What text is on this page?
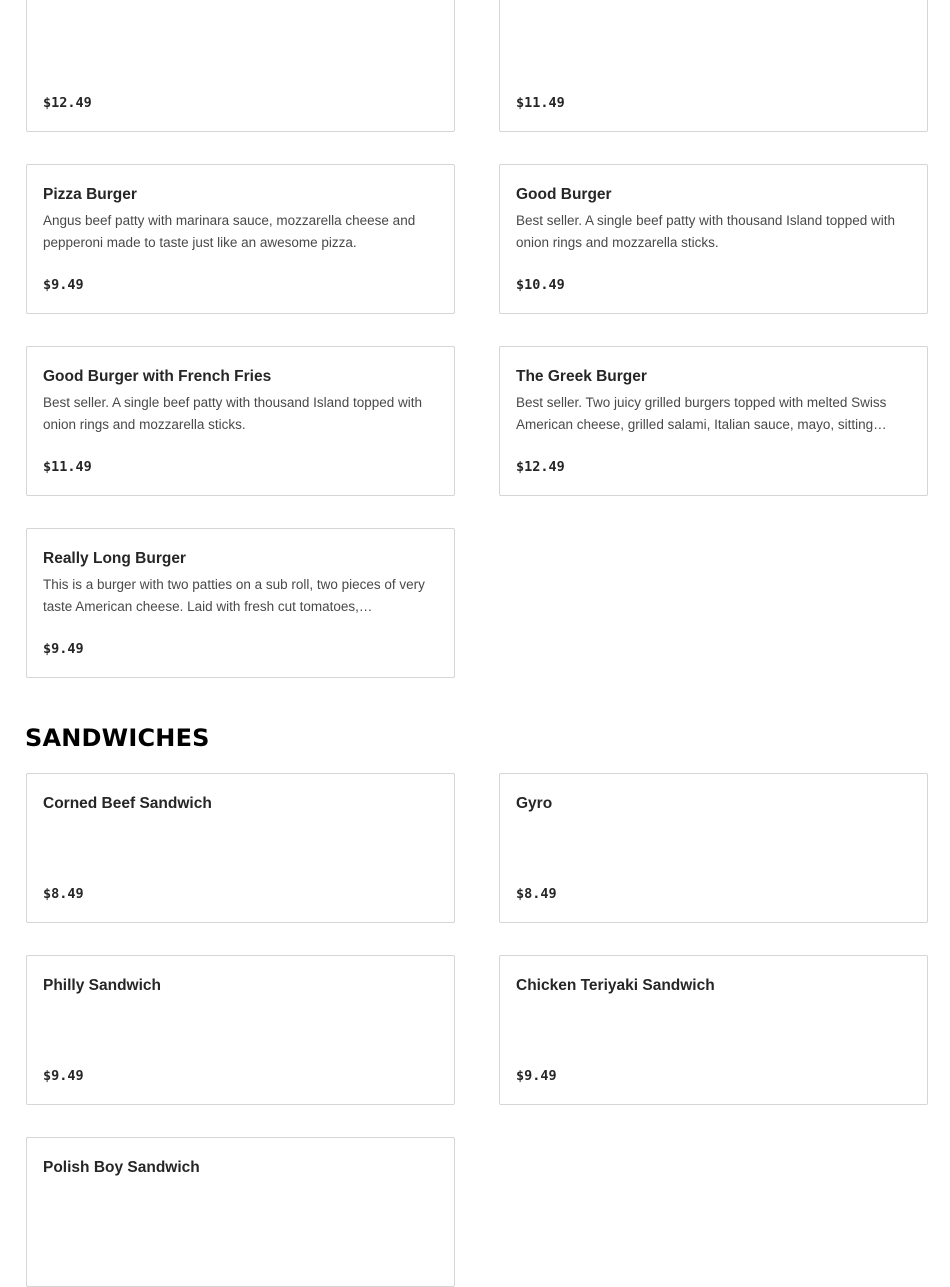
$12.49	$11.49
Pizza Burger
Angus beef patty with marinara sauce, mozzarella cheese and pepperoni made to taste just like an awesome pizza.
$9.49
Good Burger
Best seller. A single beef patty with thousand Island topped with onion rings and mozzarella sticks.
$10.49
Good Burger with French Fries
Best seller. A single beef patty with thousand Island topped with onion rings and mozzarella sticks.
$11.49
The Greek Burger
Best seller. Two juicy grilled burgers topped with melted Swiss American cheese, grilled salami, Italian sauce, mayo, sitting…
$12.49
Really Long Burger
This is a burger with two patties on a sub roll, two pieces of very taste American cheese. Laid with fresh cut tomatoes,…
$9.49
SANDWICHES
Corned Beef Sandwich
$8.49
Gyro
$8.49
Philly Sandwich
$9.49
Chicken Teriyaki Sandwich
$9.49
Polish Boy Sandwich
